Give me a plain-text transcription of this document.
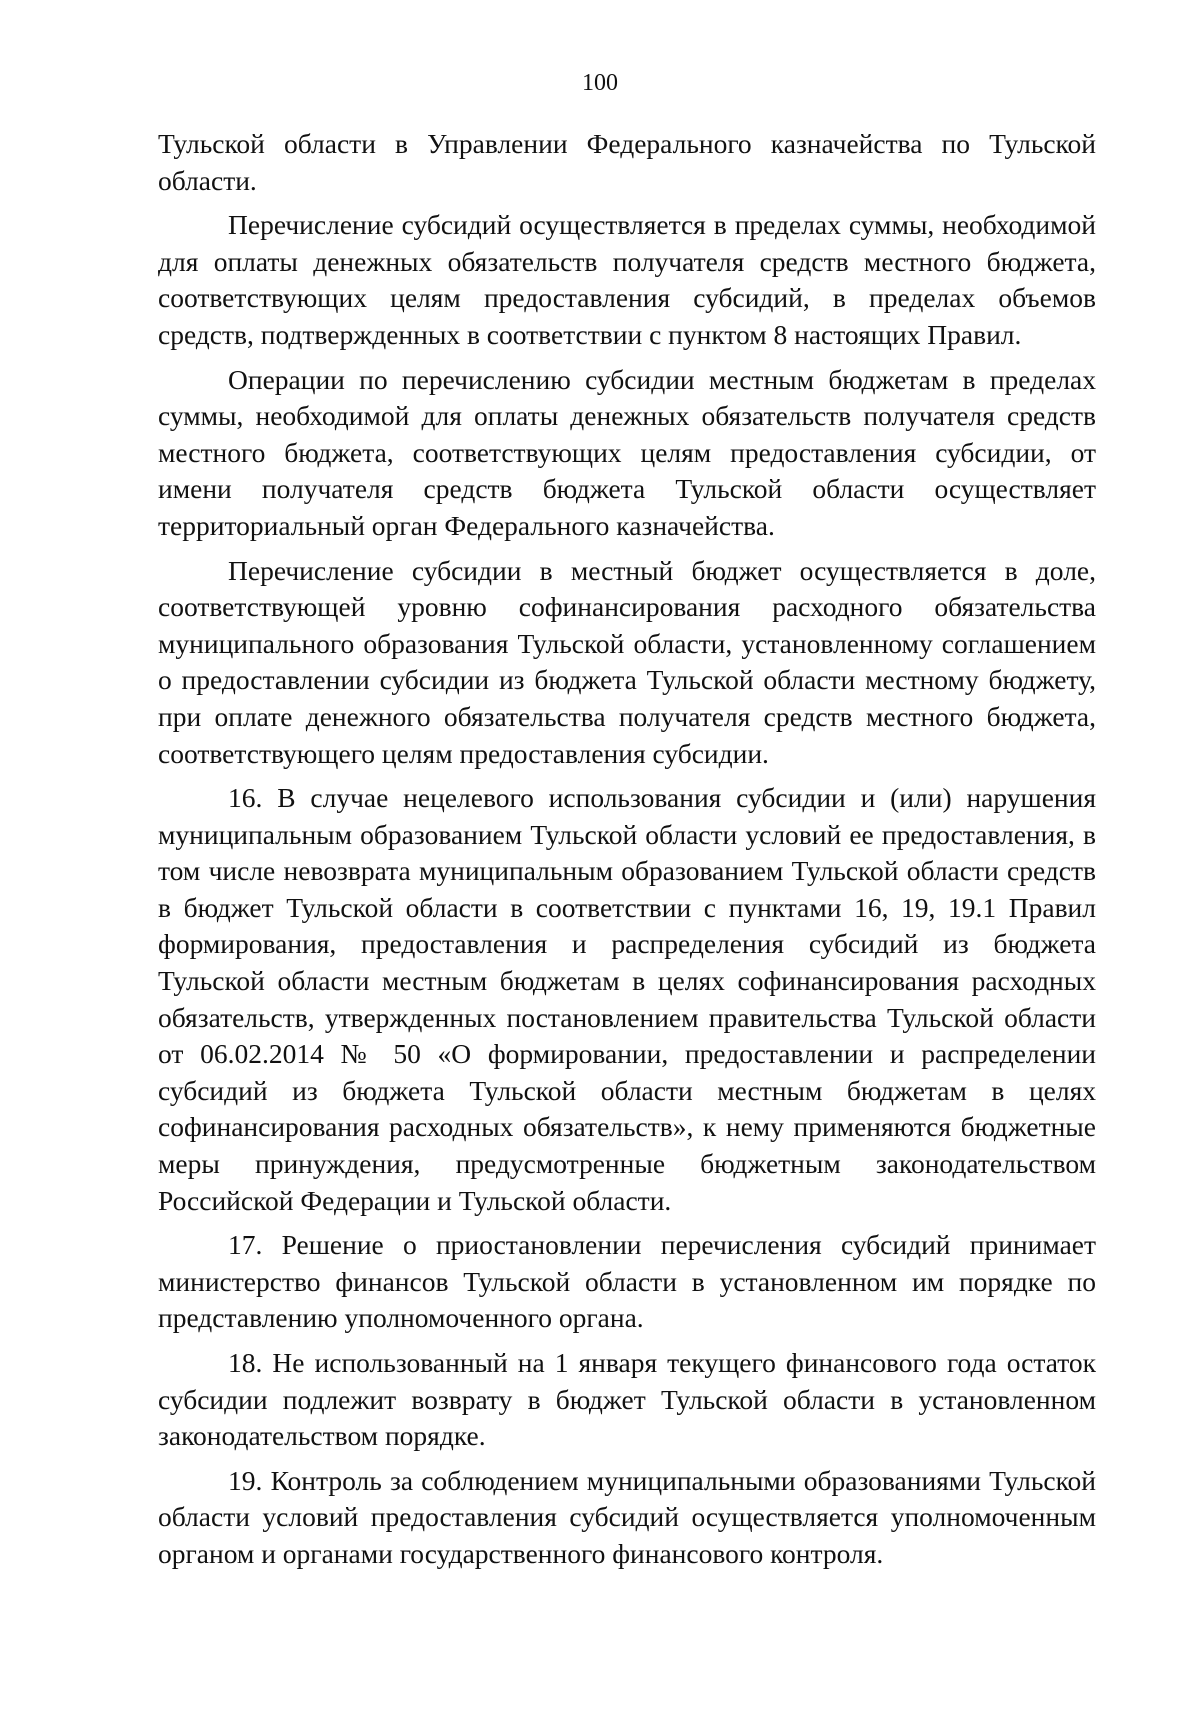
100

Тульской области в Управлении Федерального казначейства по Тульской области.

Перечисление субсидий осуществляется в пределах суммы, необходимой для оплаты денежных обязательств получателя средств местного бюджета, соответствующих целям предоставления субсидий, в пределах объемов средств, подтвержденных в соответствии с пунктом 8 настоящих Правил.

Операции по перечислению субсидии местным бюджетам в пределах суммы, необходимой для оплаты денежных обязательств получателя средств местного бюджета, соответствующих целям предоставления субсидии, от имени получателя средств бюджета Тульской области осуществляет территориальный орган Федерального казначейства.

Перечисление субсидии в местный бюджет осуществляется в доле, соответствующей уровню софинансирования расходного обязательства муниципального образования Тульской области, установленному соглашением о предоставлении субсидии из бюджета Тульской области местному бюджету, при оплате денежного обязательства получателя средств местного бюджета, соответствующего целям предоставления субсидии.

16. В случае нецелевого использования субсидии и (или) нарушения муниципальным образованием Тульской области условий ее предоставления, в том числе невозврата муниципальным образованием Тульской области средств в бюджет Тульской области в соответствии с пунктами 16, 19, 19.1 Правил формирования, предоставления и распределения субсидий из бюджета Тульской области местным бюджетам в целях софинансирования расходных обязательств, утвержденных постановлением правительства Тульской области от 06.02.2014 № 50 «О формировании, предоставлении и распределении субсидий из бюджета Тульской области местным бюджетам в целях софинансирования расходных обязательств», к нему применяются бюджетные меры принуждения, предусмотренные бюджетным законодательством Российской Федерации и Тульской области.

17. Решение о приостановлении перечисления субсидий принимает министерство финансов Тульской области в установленном им порядке по представлению уполномоченного органа.

18. Не использованный на 1 января текущего финансового года остаток субсидии подлежит возврату в бюджет Тульской области в установленном законодательством порядке.

19. Контроль за соблюдением муниципальными образованиями Тульской области условий предоставления субсидий осуществляется уполномоченным органом и органами государственного финансового контроля.
